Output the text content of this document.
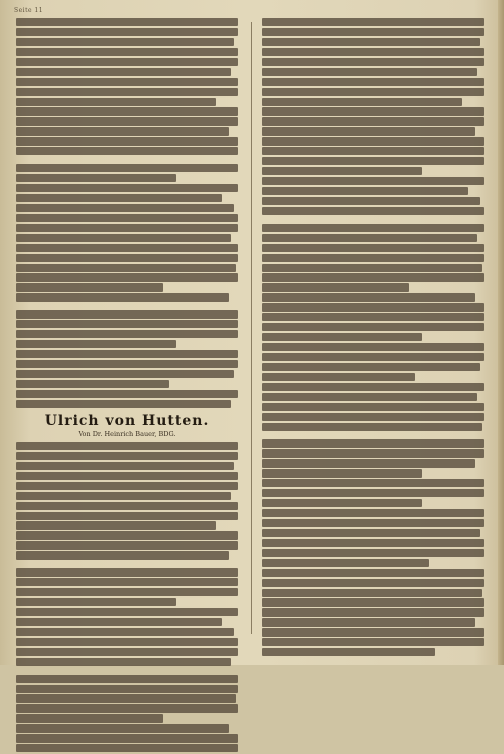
Seite 11
Ulrich von Hutten.
Von Dr. Heinrich Bauer, BDG.
